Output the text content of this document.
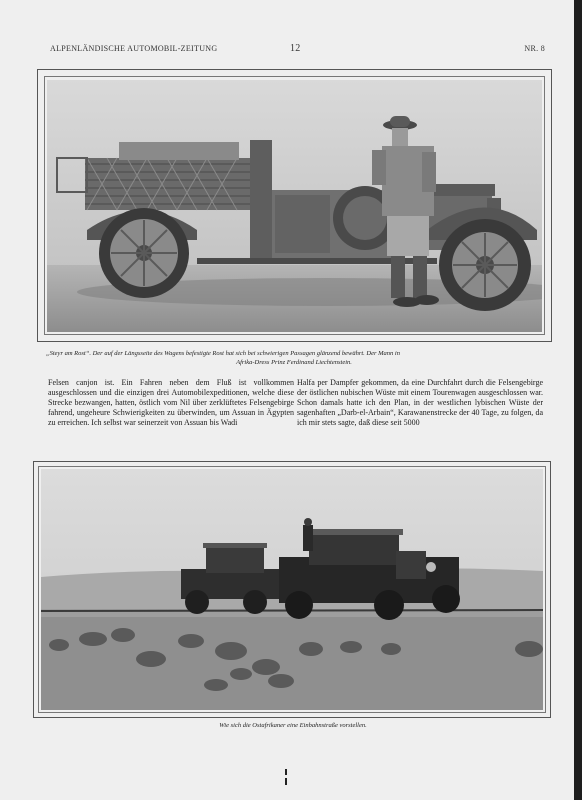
ALPENLÄNDISCHE AUTOMOBIL-ZEITUNG	12	NR. 8
„Steyr am Rost“. Der auf der Längsseite des Wagens befestigte Rost hat sich bei schwierigen Passagen glänzend bewährt. Der Mann in
Afrika-Dress Prinz Ferdinand Liechtenstein.

Felsen canjon ist. Ein Fahren neben dem Fluß ist vollkommen ausgeschlossen und die einzigen drei Automobilexpeditionen, welche diese Strecke bezwangen, hatten, östlich vom Nil über zerklüftetes Felsengebirge fahrend, ungeheure Schwierigkeiten zu überwinden, um Assuan in Ägypten zu erreichen. Ich selbst war seinerzeit von Assuan bis Wadi

Halfa per Dampfer gekommen, da eine Durchfahrt durch die Felsengebirge der östlichen nubischen Wüste mit einem Tourenwagen ausgeschlossen war. Schon damals hatte ich den Plan, in der westlichen lybischen Wüste der sagenhaften „Darb-el-Arbain“, Karawanenstrecke der 40 Tage, zu folgen, da ich mir stets sagte, daß diese seit 5000

Wie sich die Ostafrikaner eine Einbahnstraße vorstellen.
